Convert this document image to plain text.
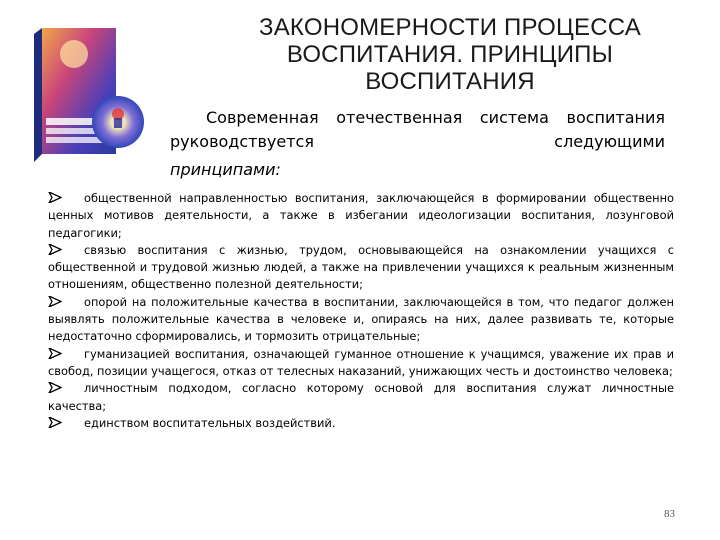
ЗАКОНОМЕРНОСТИ ПРОЦЕССА
ВОСПИТАНИЯ. ПРИНЦИПЫ
ВОСПИТАНИЯ
Современная отечественная система воспитания руководствуется следующими
принципами:
общественной направленностью воспитания, заключающейся в формировании общественно ценных мотивов деятельности, а также в избегании идеологизации воспитания, лозунговой педагогики;
связью воспитания с жизнью, трудом, основывающейся на ознакомлении учащихся с общественной и трудовой жизнью людей, а также на привлечении учащихся к реальным жизненным отношениям, общественно полезной деятельности;
опорой на положительные качества в воспитании, заключающейся в том, что педагог должен выявлять положительные качества в человеке и, опираясь на них, далее развивать те, которые недостаточно сформировались, и тормозить отрицательные;
гуманизацией воспитания, означающей гуманное отношение к учащимся, уважение их прав и свобод, позиции учащегося, отказ от телесных наказаний, унижающих честь и достоинство человека;
личностным подходом, согласно которому основой для воспитания служат личностные качества;
единством воспитательных воздействий.
83
